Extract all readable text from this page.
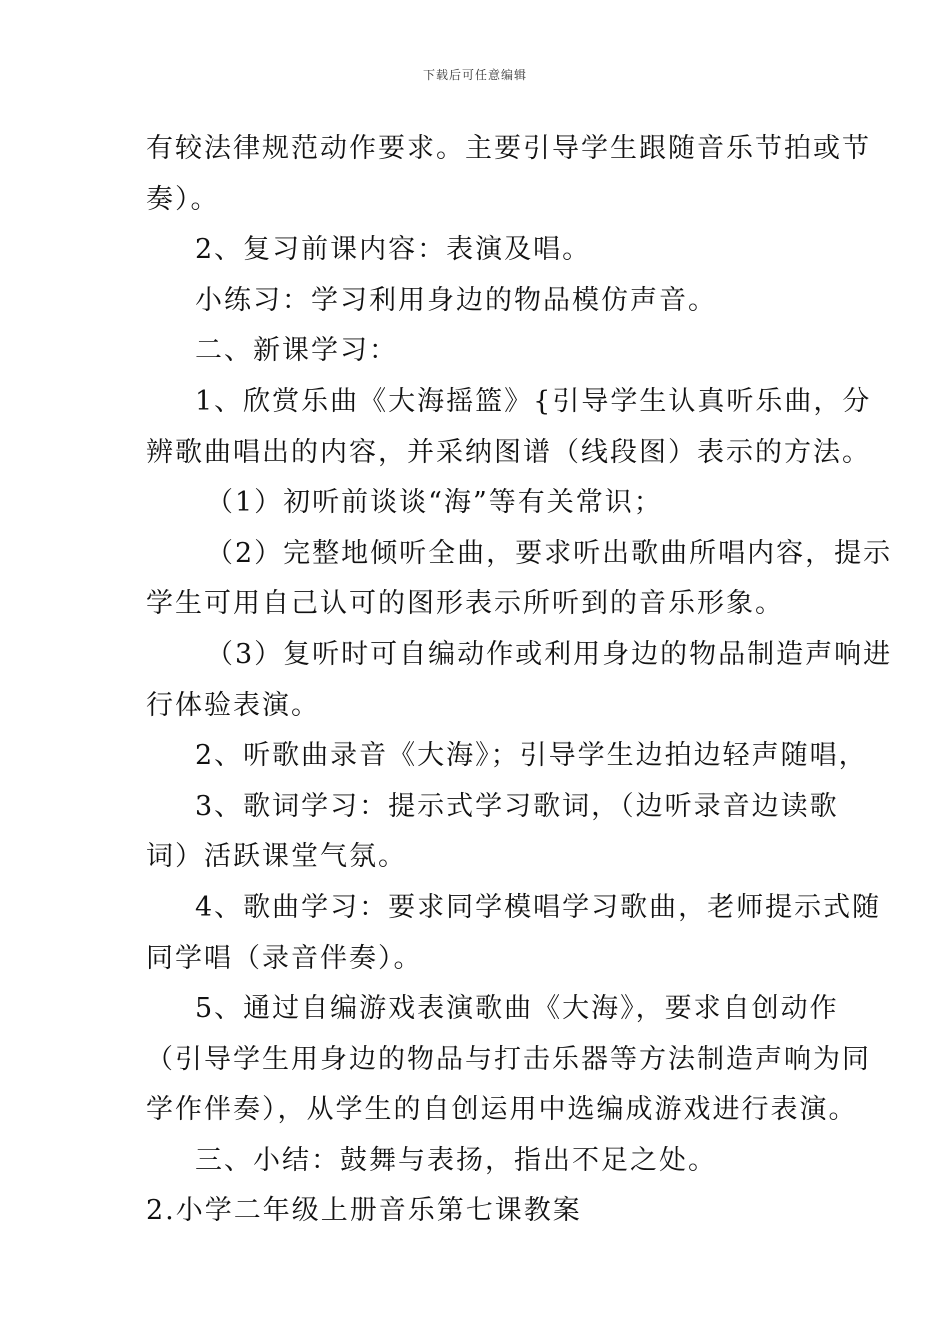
下载后可任意编辑
有较法律规范动作要求。主要引导学生跟随音乐节拍或节
奏）。
2、复习前课内容：表演及唱。
小练习：学习利用身边的物品模仿声音。
二、新课学习：
1、欣赏乐曲《大海摇篮》{引导学生认真听乐曲，分
辨歌曲唱出的内容，并采纳图谱（线段图）表示的方法。
（1）初听前谈谈“海”等有关常识；
（2）完整地倾听全曲，要求听出歌曲所唱内容，提示
学生可用自己认可的图形表示所听到的音乐形象。
（3）复听时可自编动作或利用身边的物品制造声响进
行体验表演。
2、听歌曲录音《大海》；引导学生边拍边轻声随唱，
3、歌词学习：提示式学习歌词，（边听录音边读歌
词）活跃课堂气氛。
4、歌曲学习：要求同学模唱学习歌曲，老师提示式随
同学唱（录音伴奏）。
5、通过自编游戏表演歌曲《大海》，要求自创动作
（引导学生用身边的物品与打击乐器等方法制造声响为同
学作伴奏），从学生的自创运用中选编成游戏进行表演。
三、小结：鼓舞与表扬，指出不足之处。
2.小学二年级上册音乐第七课教案
